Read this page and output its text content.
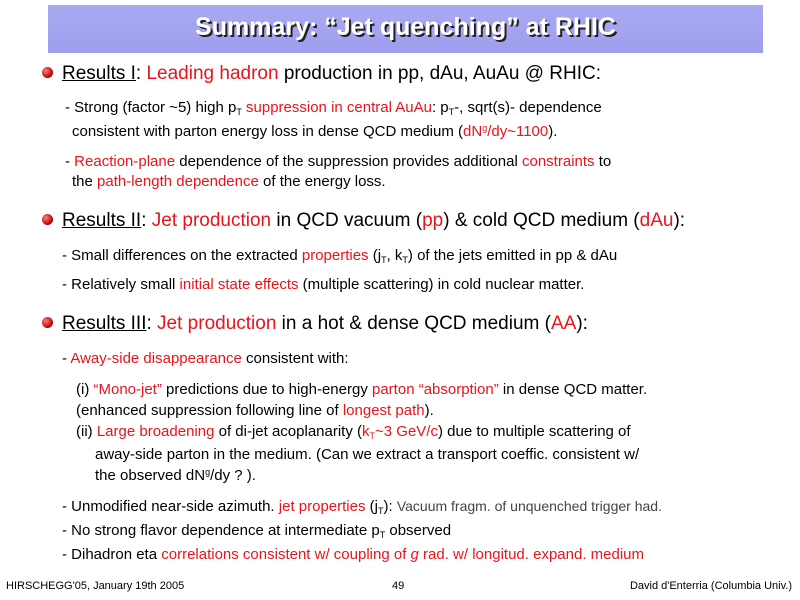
Summary: “Jet quenching” at RHIC
Results I: Leading hadron production in pp, dAu, AuAu @ RHIC:
- Strong (factor ~5) high $p_T$ suppression in central AuAu: $p_T-$, sqrt(s)- dependence
consistent with parton energy loss in dense QCD medium $(dN^g/dy\sim 1100)$.
- Reaction-plane dependence of the suppression provides additional constraints to
the path-length dependence of the energy loss.
Results II: Jet production in QCD vacuum (pp) & cold QCD medium (dAu):
- Small differences on the extracted properties ($j_T$, $k_T$) of the jets emitted in pp & dAu
- Relatively small initial state effects (multiple scattering) in cold nuclear matter.
Results III: Jet production in a hot & dense QCD medium (AA):
- Away-side disappearance consistent with:
(i) “Mono-jet” predictions due to high-energy parton “absorption” in dense QCD matter.
(enhanced suppression following line of longest path).
(ii) Large broadening of di-jet acoplanarity ($k_T\sim 3$ GeV/c) due to multiple scattering of
away-side parton in the medium. (Can we extract a transport coeffic. consistent w/
the observed $dN^g/dy$ ? ).
- Unmodified near-side azimuth. jet properties $(j_T)$: Vacuum fragm. of unquenched trigger had.
- No strong flavor dependence at intermediate $p_T$ observed
- Dihadron eta correlations consistent w/ coupling of g rad. w/ longitud. expand. medium
HIRSCHEGG'05, January 19th 2005	49	David d'Enterria (Columbia Univ.)
